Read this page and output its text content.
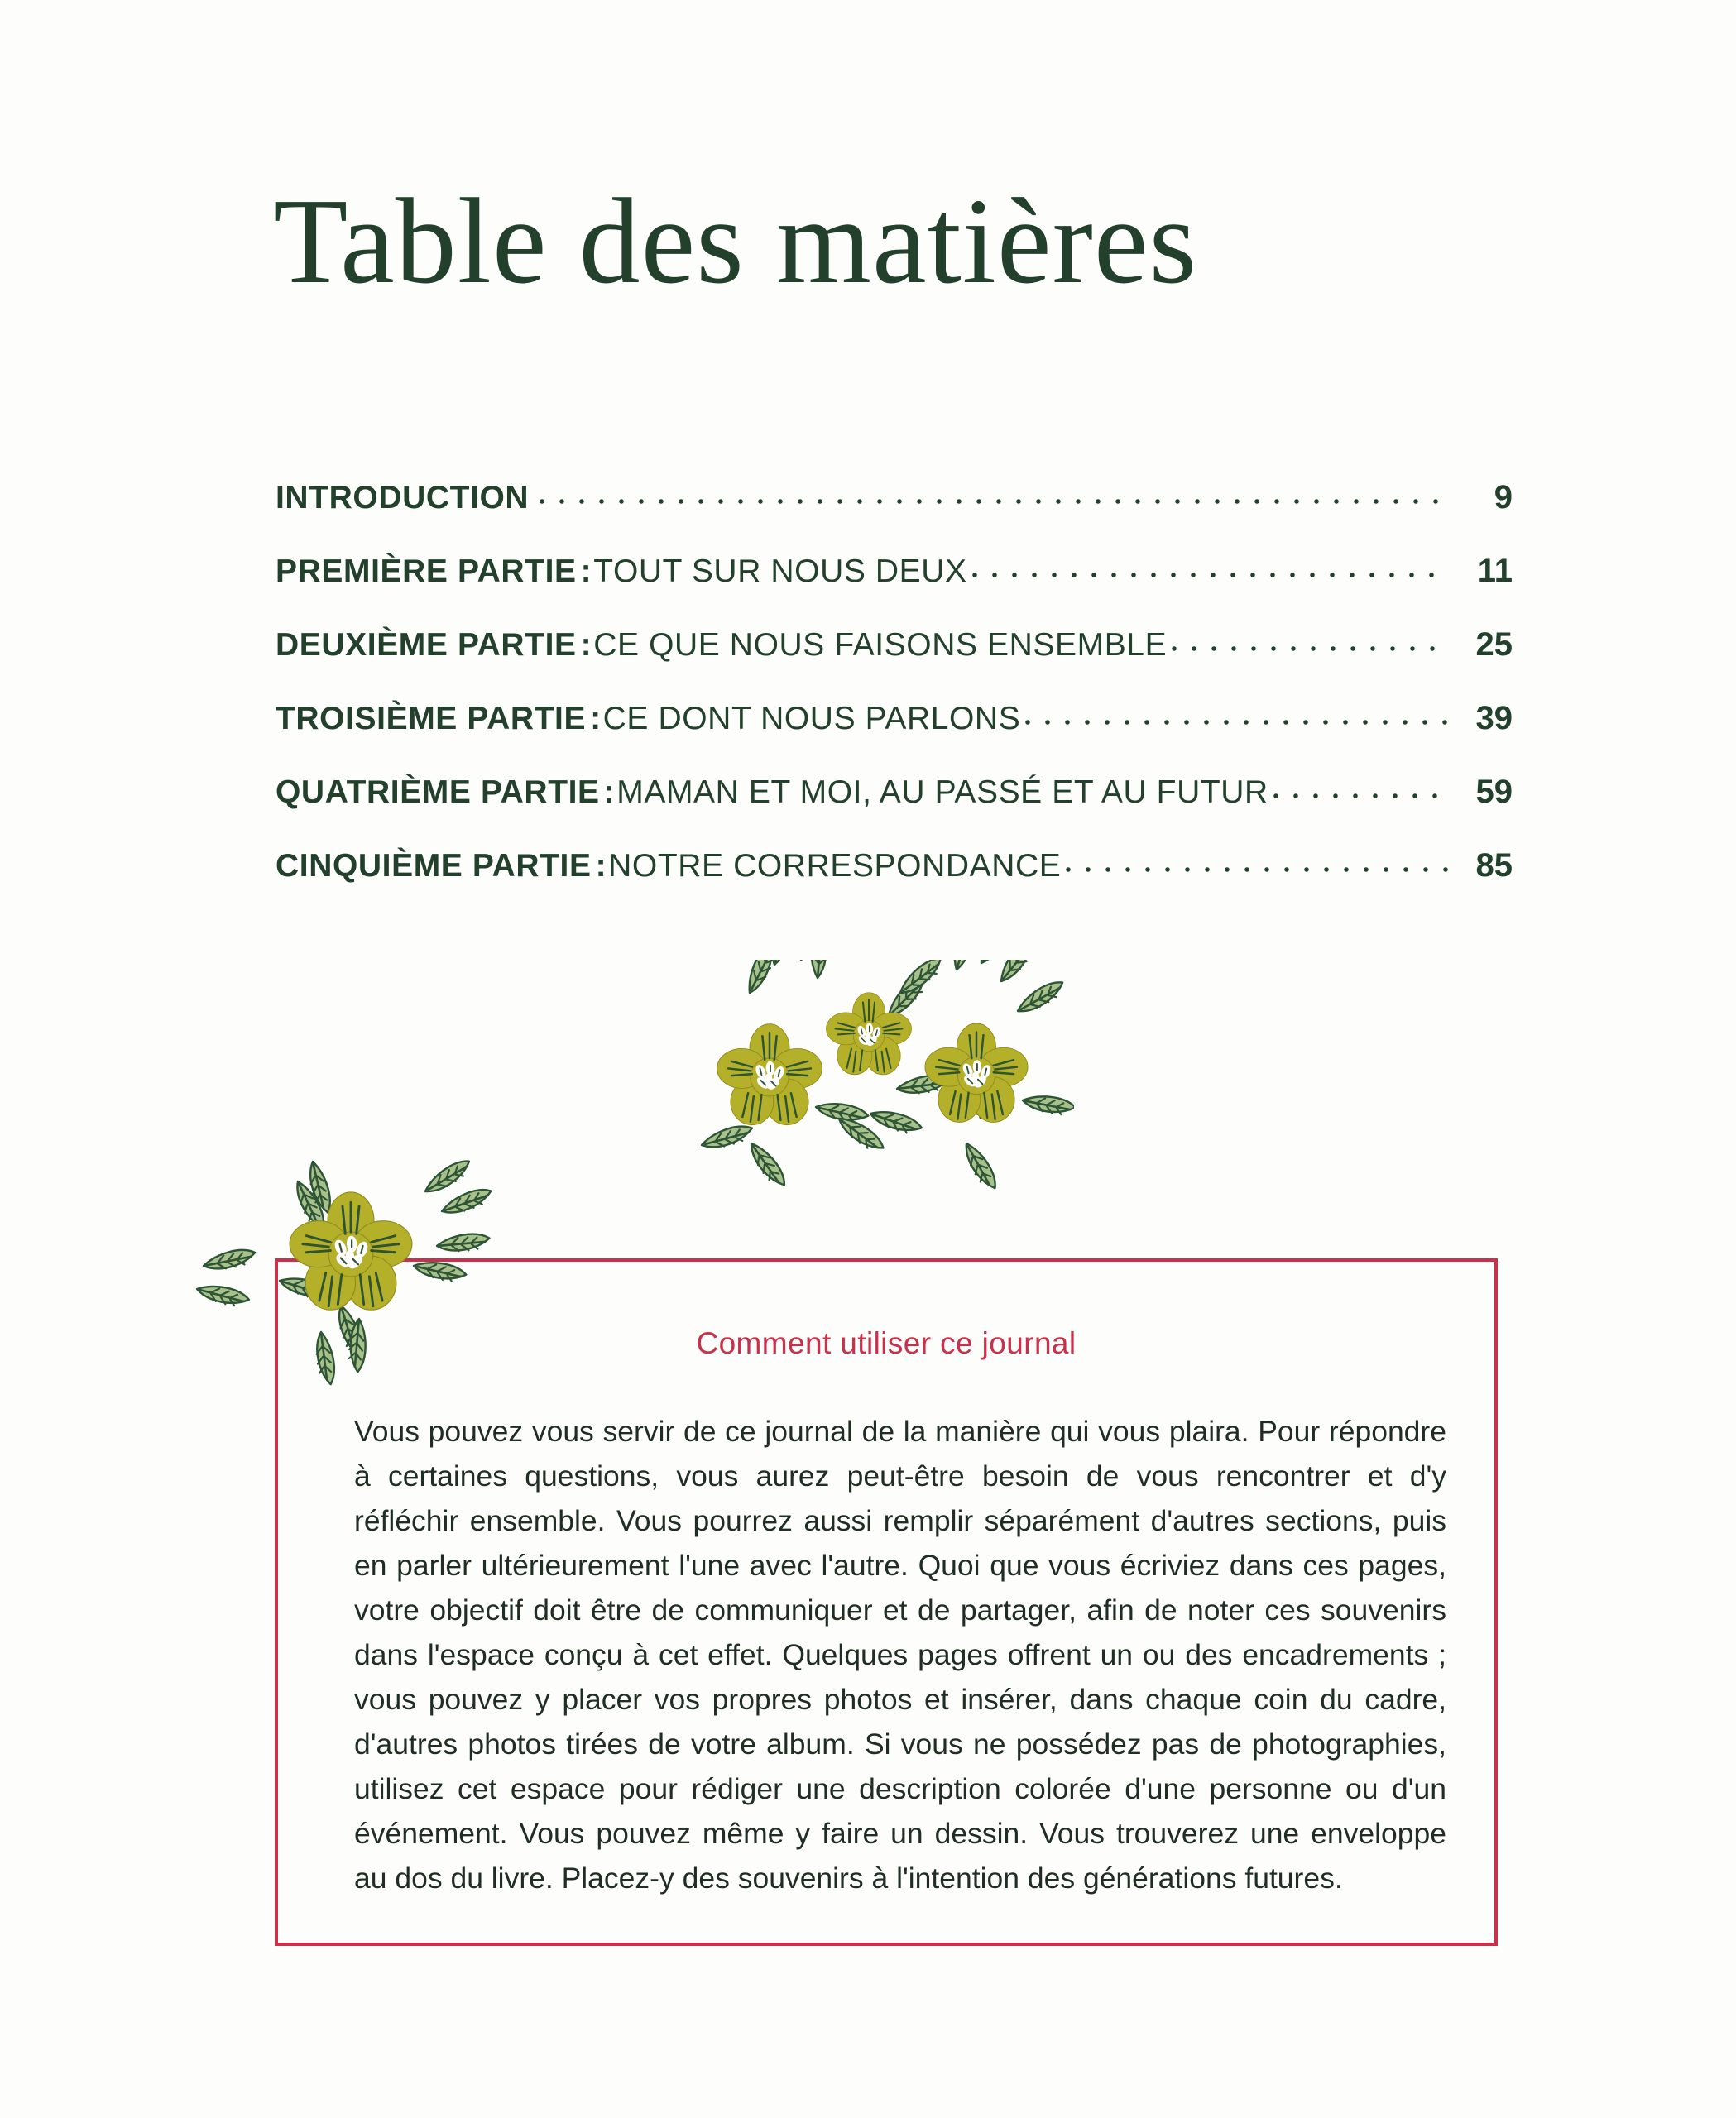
Table des matières
INTRODUCTION	9
PREMIÈRE PARTIE :TOUT SUR NOUS DEUX	11
DEUXIÈME PARTIE :CE QUE NOUS FAISONS ENSEMBLE	25
TROISIÈME PARTIE :CE DONT NOUS PARLONS	39
QUATRIÈME PARTIE :MAMAN ET MOI, AU PASSÉ ET AU FUTUR	59
CINQUIÈME PARTIE :NOTRE CORRESPONDANCE	85
Comment utiliser ce journal
Vous pouvez vous servir de ce journal de la manière qui vous plaira. Pour répondre à certaines questions, vous aurez peut-être besoin de vous rencontrer et d'y réfléchir ensemble. Vous pourrez aussi remplir séparément d'autres sections, puis en parler ultérieurement l'une avec l'autre. Quoi que vous écriviez dans ces pages, votre objectif doit être de communiquer et de partager, afin de noter ces souvenirs dans l'espace conçu à cet effet. Quelques pages offrent un ou des encadrements ; vous pouvez y placer vos propres photos et insérer, dans chaque coin du cadre, d'autres photos tirées de votre album. Si vous ne possédez pas de photographies, utilisez cet espace pour rédiger une description colorée d'une personne ou d'un événement. Vous pouvez même y faire un dessin. Vous trouverez une enveloppe au dos du livre. Placez-y des souvenirs à l'intention des générations futures.
